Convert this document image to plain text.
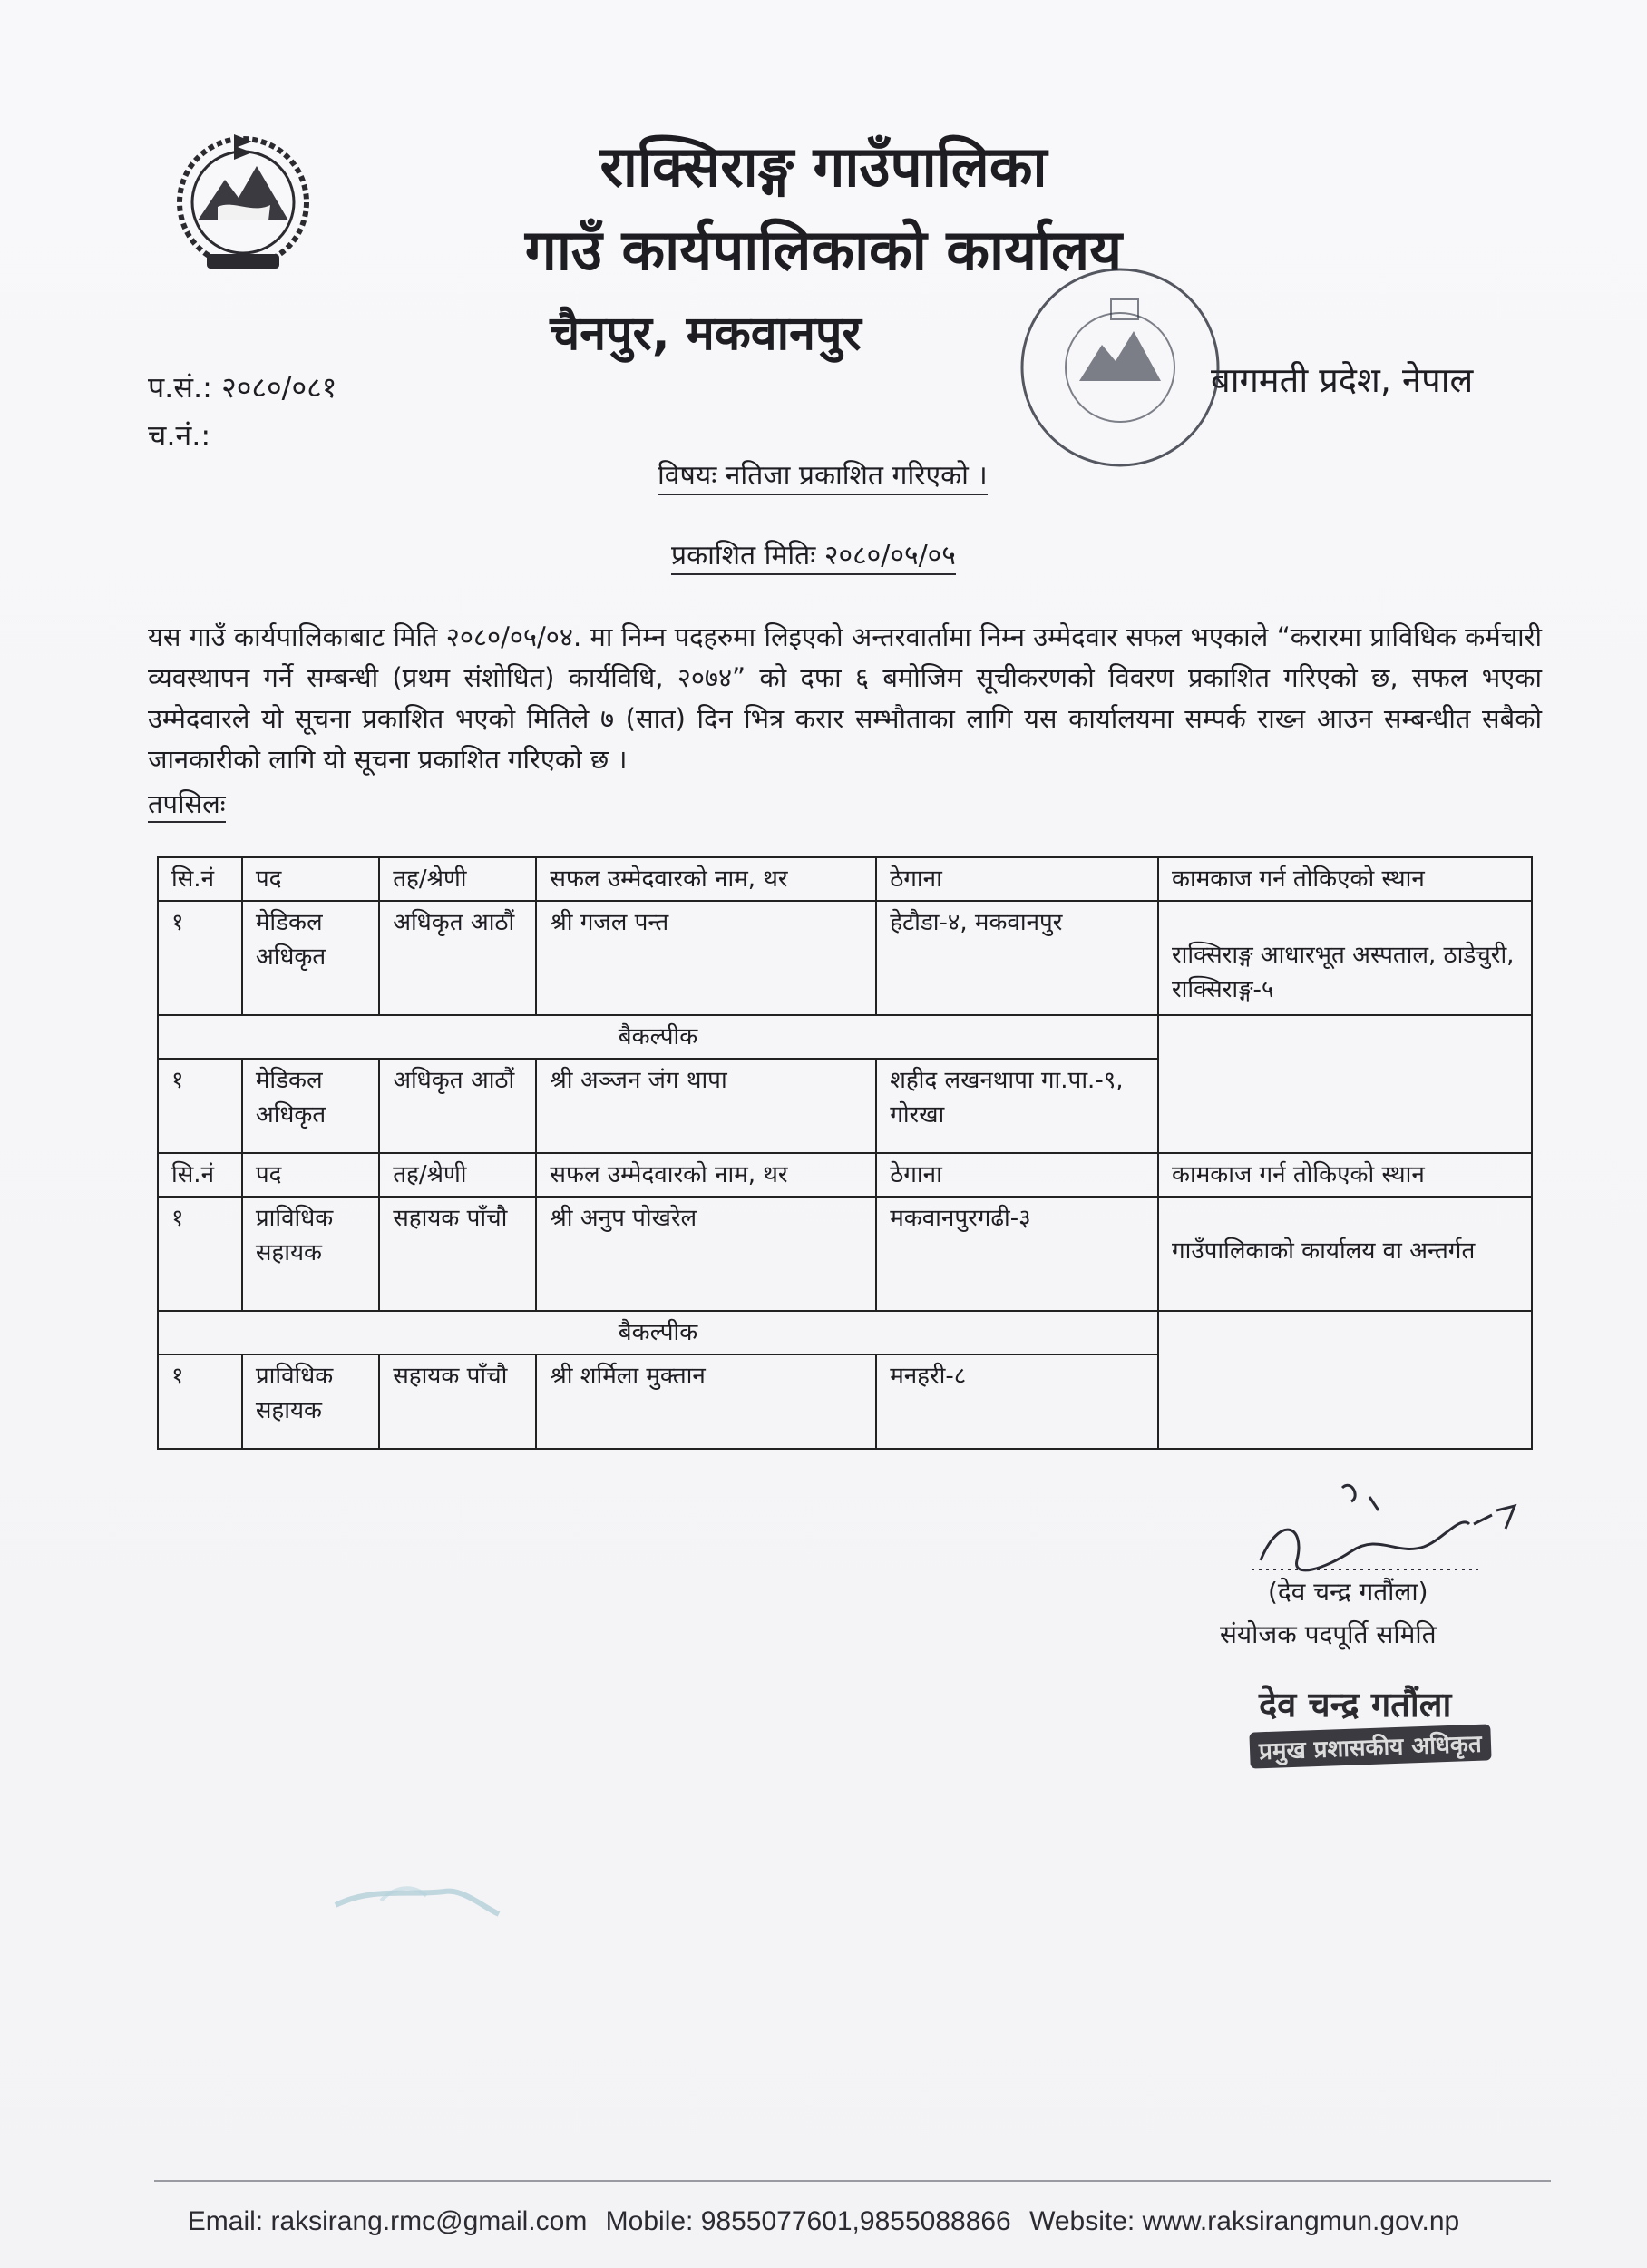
राक्सिराङ्ग गाउँपालिका
गाउँ कार्यपालिकाको कार्यालय
चैनपुर, मकवानपुर
प.सं.: २०८०/०८१
च.नं.:
बागमती प्रदेश, नेपाल
विषयः नतिजा प्रकाशित गरिएको ।
प्रकाशित मितिः २०८०/०५/०५
यस गाउँ कार्यपालिकाबाट मिति २०८०/०५/०४. मा निम्न पदहरुमा लिइएको अन्तरवार्तामा निम्न उम्मेदवार सफल भएकाले “करारमा प्राविधिक कर्मचारी व्यवस्थापन गर्ने सम्बन्धी (प्रथम संशोधित) कार्यविधि, २०७४” को दफा ६ बमोजिम सूचीकरणको विवरण प्रकाशित गरिएको छ, सफल भएका उम्मेदवारले यो सूचना प्रकाशित भएको मितिले ७ (सात) दिन भित्र करार सम्भौताका लागि यस कार्यालयमा सम्पर्क राख्न आउन सम्बन्धीत सबैको जानकारीको लागि यो सूचना प्रकाशित गरिएको छ ।
तपसिलः
सि.नं	पद	तह/श्रेणी	सफल उम्मेदवारको नाम, थर	ठेगाना	कामकाज गर्न तोकिएको स्थान
१	मेडिकल अधिकृत	अधिकृत आठौं	श्री गजल पन्त	हेटौडा-४, मकवानपुर	राक्सिराङ्ग आधारभूत अस्पताल, ठाडेचुरी, राक्सिराङ्ग-५
बैकल्पीक					
१	मेडिकल अधिकृत	अधिकृत आठौं	श्री अञ्जन जंग थापा	शहीद लखनथापा गा.पा.-९, गोरखा	
सि.नं	पद	तह/श्रेणी	सफल उम्मेदवारको नाम, थर	ठेगाना	कामकाज गर्न तोकिएको स्थान
१	प्राविधिक सहायक	सहायक पाँचौ	श्री अनुप पोखरेल	मकवानपुरगढी-३	गाउँपालिकाको कार्यालय वा अन्तर्गत
बैकल्पीक					
१	प्राविधिक सहायक	सहायक पाँचौ	श्री शर्मिला मुक्तान	मनहरी-८	
(देव चन्द्र गतौंला)
संयोजक पदपूर्ति समिति
देव चन्द्र गतौंला
प्रमुख प्रशासकीय अधिकृत
Email: raksirang.rmc@gmail.com Mobile: 9855077601,9855088866 Website: www.raksirangmun.gov.np
